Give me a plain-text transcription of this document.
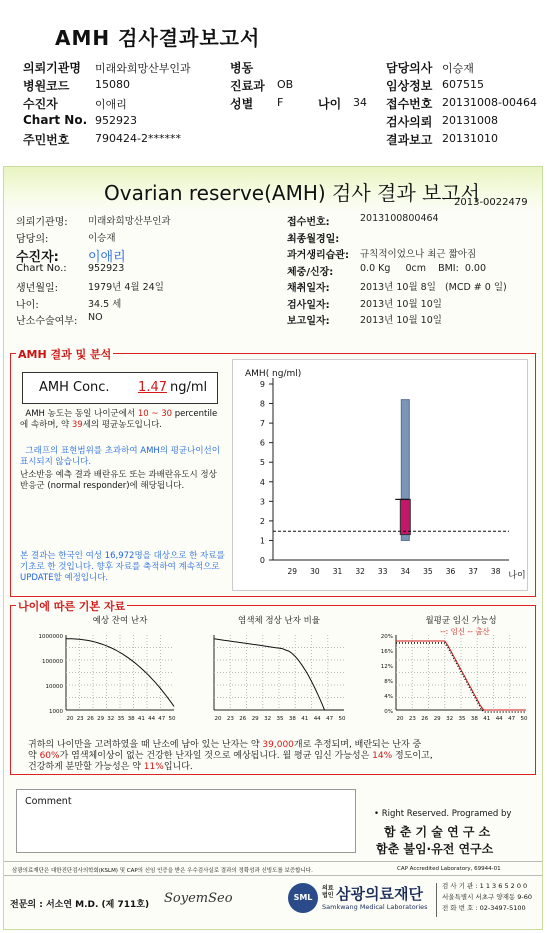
AMH 검사결과보고서
의뢰기관명 미래와희망산부인과	병동	담당의사 이승재
병원코드 15080	진료과 OB	임상정보 607515
수진자	이애리	성별 F	나이 34 접수번호 20131008-00464
Chart No. 952923	검사의뢰 20131008
주민번호 790424-2******	결과보고 20131010
Ovarian reserve(AMH) 검사 결과 보고서
2013-0022479
의뢰기관명: 미래와희망산부인과
담당의:	이승재
수진자: 이애리
Chart No.: 952923
생년월일:	1979년 4월 24일
나이:	34.5 세
난소수술여부: NO
접수번호:	2013100800464
최종월경일:
과거생리습관: 규칙적이었으나 최근 짧아짐
체중/신장:	0.0 Kg     0cm    BMI:  0.00
채취일자:	2013년 10월 8일   (MCD # 0 일)
검사일자:	2013년 10월 10일
보고일자:	2013년 10월 10일
AMH 결과 및 분석
AMH Conc.	1.47 ng/ml
AMH 농도는 동일 나이군에서 10 ~ 30 percentile에 속하며, 약 39세의 평균농도입니다.
그래프의 표현범위를 초과하여 AMH의 평균나이선이 표시되지 않습니다.
난소반응 예측 결과 배란유도 또는 과배란유도시 정상반응군 (normal responder)에 해당됩니다.
본 결과는 한국인 여성 16,972명을 대상으로 한 자료를 기초로 한 것입니다. 향후 자료를 축적하여 계속적으로 UPDATE할 예정입니다.
AMH( ng/ml)
0
1
2
3
4
5
6
7
8
9
29 30 31 32 33 34 35 36 37 38 나이
나이에 따른 기본 자료
예상 잔여 난자
20 23 26 29 32 35 38 41 44 47 50
1000000
100000
10000
1000
염색체 정상 난자 비율
20 23 26 29 32 35 38 41 44 47 50
월평균 임신 가능성
--: 임신 -- 출산
20 23 26 29 32 35 38 41 44 47 50
20%
16%
12%
8%
4%
0%
귀하의 나이만을 고려하였을 때 난소에 남아 있는 난자는 약 39,000개로 추정되며, 배란되는 난자 중
약 60%가 염색체이상이 없는 건강한 난자일 것으로 예상됩니다. 월 평균 임신 가능성은 14% 정도이고,
건강하게 분만할 가능성은 약 11%입니다.
Comment
• Right Reserved. Programed by
함 춘 기 술 연 구 소
함춘 불임·유전 연구소
삼광의료재단은 대한진단검사의학회(KSLM) 및 CAP의 신임 인증을 받은 우수검사실로 결과의 정확성과 신빙도를 보증합니다.	CAP Accredited Laboratory, 69944-01
전문의 : 서소연 M.D. (제 711호) SoyemSeo	SML
의료법인 삼광의료재단
Samkwang Medical Laboratories
검 사 기 관 : 1 1 3 6 5 2 0 0
서울특별시 서초구 양재동 9-60
전 화 번 호 : 02-3497-5100
